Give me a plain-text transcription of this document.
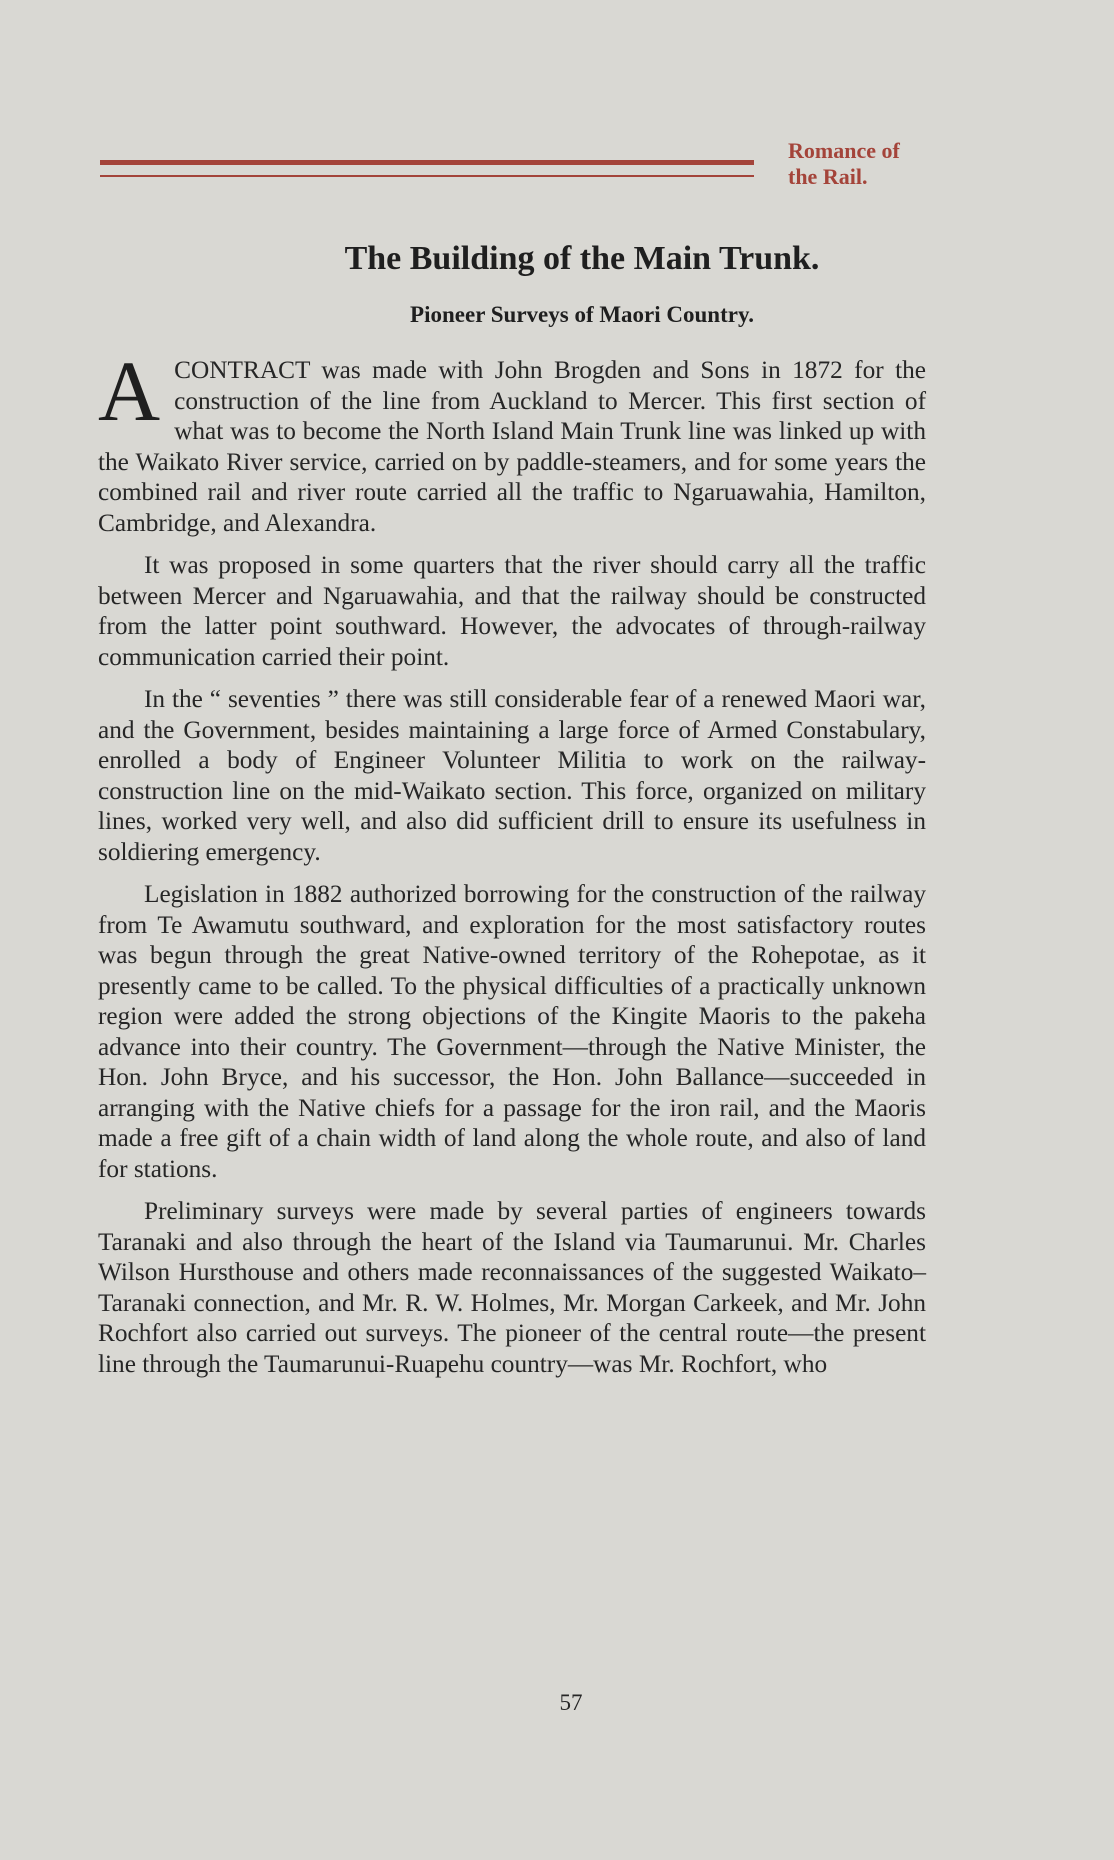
Romance of
the Rail.
The Building of the Main Trunk.
Pioneer Surveys of Maori Country.

A CONTRACT was made with John Brogden and Sons in 1872 for the construction of the line from Auckland to Mercer. This first section of what was to become the North Island Main Trunk line was linked up with the Waikato River service, carried on by paddle-steamers, and for some years the combined rail and river route carried all the traffic to Ngaruawahia, Hamilton, Cambridge, and Alexandra.

It was proposed in some quarters that the river should carry all the traffic between Mercer and Ngaruawahia, and that the railway should be constructed from the latter point southward. However, the advocates of through-railway communication carried their point.

In the “ seventies ” there was still considerable fear of a renewed Maori war, and the Government, besides maintaining a large force of Armed Constabulary, enrolled a body of Engineer Volunteer Militia to work on the railway-construction line on the mid-Waikato section. This force, organized on military lines, worked very well, and also did sufficient drill to ensure its usefulness in soldiering emergency.

Legislation in 1882 authorized borrowing for the construction of the railway from Te Awamutu southward, and exploration for the most satisfactory routes was begun through the great Native-owned territory of the Rohepotae, as it presently came to be called. To the physical difficulties of a practically unknown region were added the strong objections of the Kingite Maoris to the pakeha advance into their country. The Government—through the Native Minister, the Hon. John Bryce, and his successor, the Hon. John Ballance—succeeded in arranging with the Native chiefs for a passage for the iron rail, and the Maoris made a free gift of a chain width of land along the whole route, and also of land for stations.

Preliminary surveys were made by several parties of engineers towards Taranaki and also through the heart of the Island via Taumarunui. Mr. Charles Wilson Hursthouse and others made reconnaissances of the suggested Waikato–Taranaki connection, and Mr. R. W. Holmes, Mr. Morgan Carkeek, and Mr. John Rochfort also carried out surveys. The pioneer of the central route—the present line through the Taumarunui-Ruapehu country—was Mr. Rochfort, who

57
